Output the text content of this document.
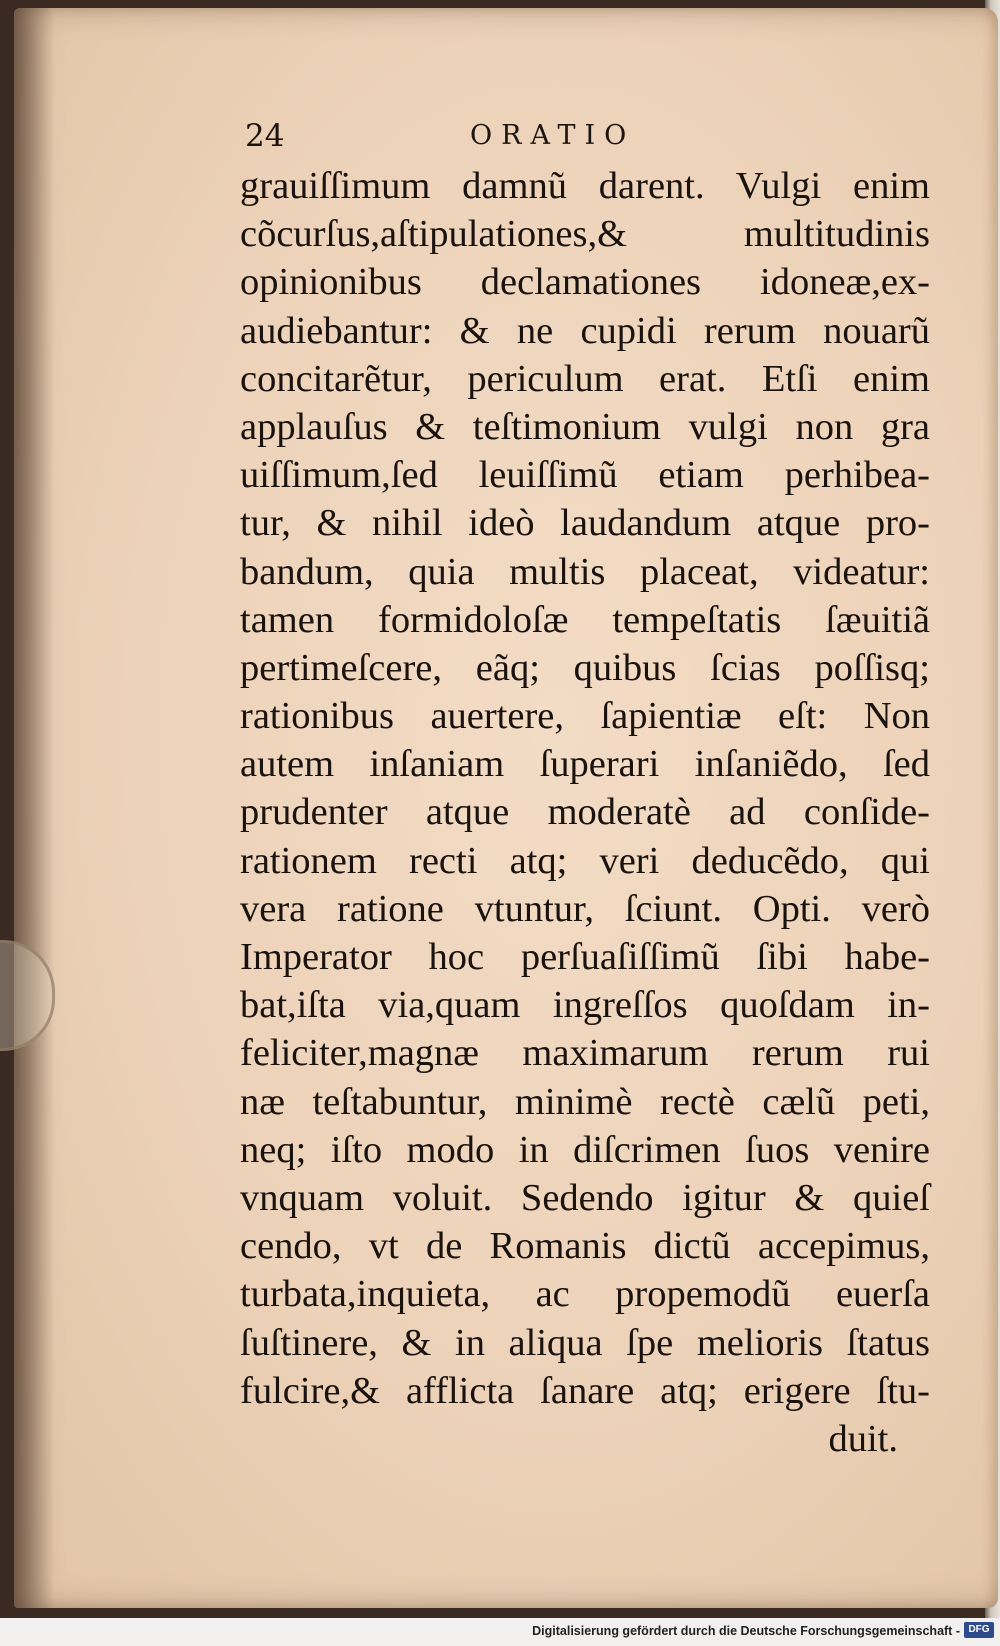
24	ORATIO
grauiſſimum damnũ darent. Vulgi enim
cõcurſus,aſtipulationes,& multitudinis
opinionibus declamationes idoneæ,ex-
audiebantur: & ne cupidi rerum nouarũ
concitarẽtur, periculum erat. Etſi enim
applauſus & teſtimonium vulgi non gra
uiſſimum,ſed leuiſſimũ etiam perhibea-
tur, & nihil ideò laudandum atque pro-
bandum, quia multis placeat, videatur:
tamen formidoloſæ tempeſtatis ſæuitiã
pertimeſcere, eãq; quibus ſcias poſſisq;
rationibus auertere, ſapientiæ eſt: Non
autem inſaniam ſuperari inſaniẽdo, ſed
prudenter atque moderatè ad conſide-
rationem recti atq; veri deducẽdo, qui
vera ratione vtuntur, ſciunt. Opti. verò
Imperator hoc perſuaſiſſimũ ſibi habe-
bat,iſta via,quam ingreſſos quoſdam in-
feliciter,magnæ maximarum rerum rui
næ teſtabuntur, minimè rectè cælũ peti,
neq; iſto modo in diſcrimen ſuos venire
vnquam voluit. Sedendo igitur & quieſ
cendo, vt de Romanis dictũ accepimus,
turbata,inquieta, ac propemodũ euerſa
ſuſtinere, & in aliqua ſpe melioris ſtatus
fulcire,& afflicta ſanare atq; erigere ſtu-
duit.
Digitalisierung gefördert durch die Deutsche Forschungsgemeinschaft - DFG
